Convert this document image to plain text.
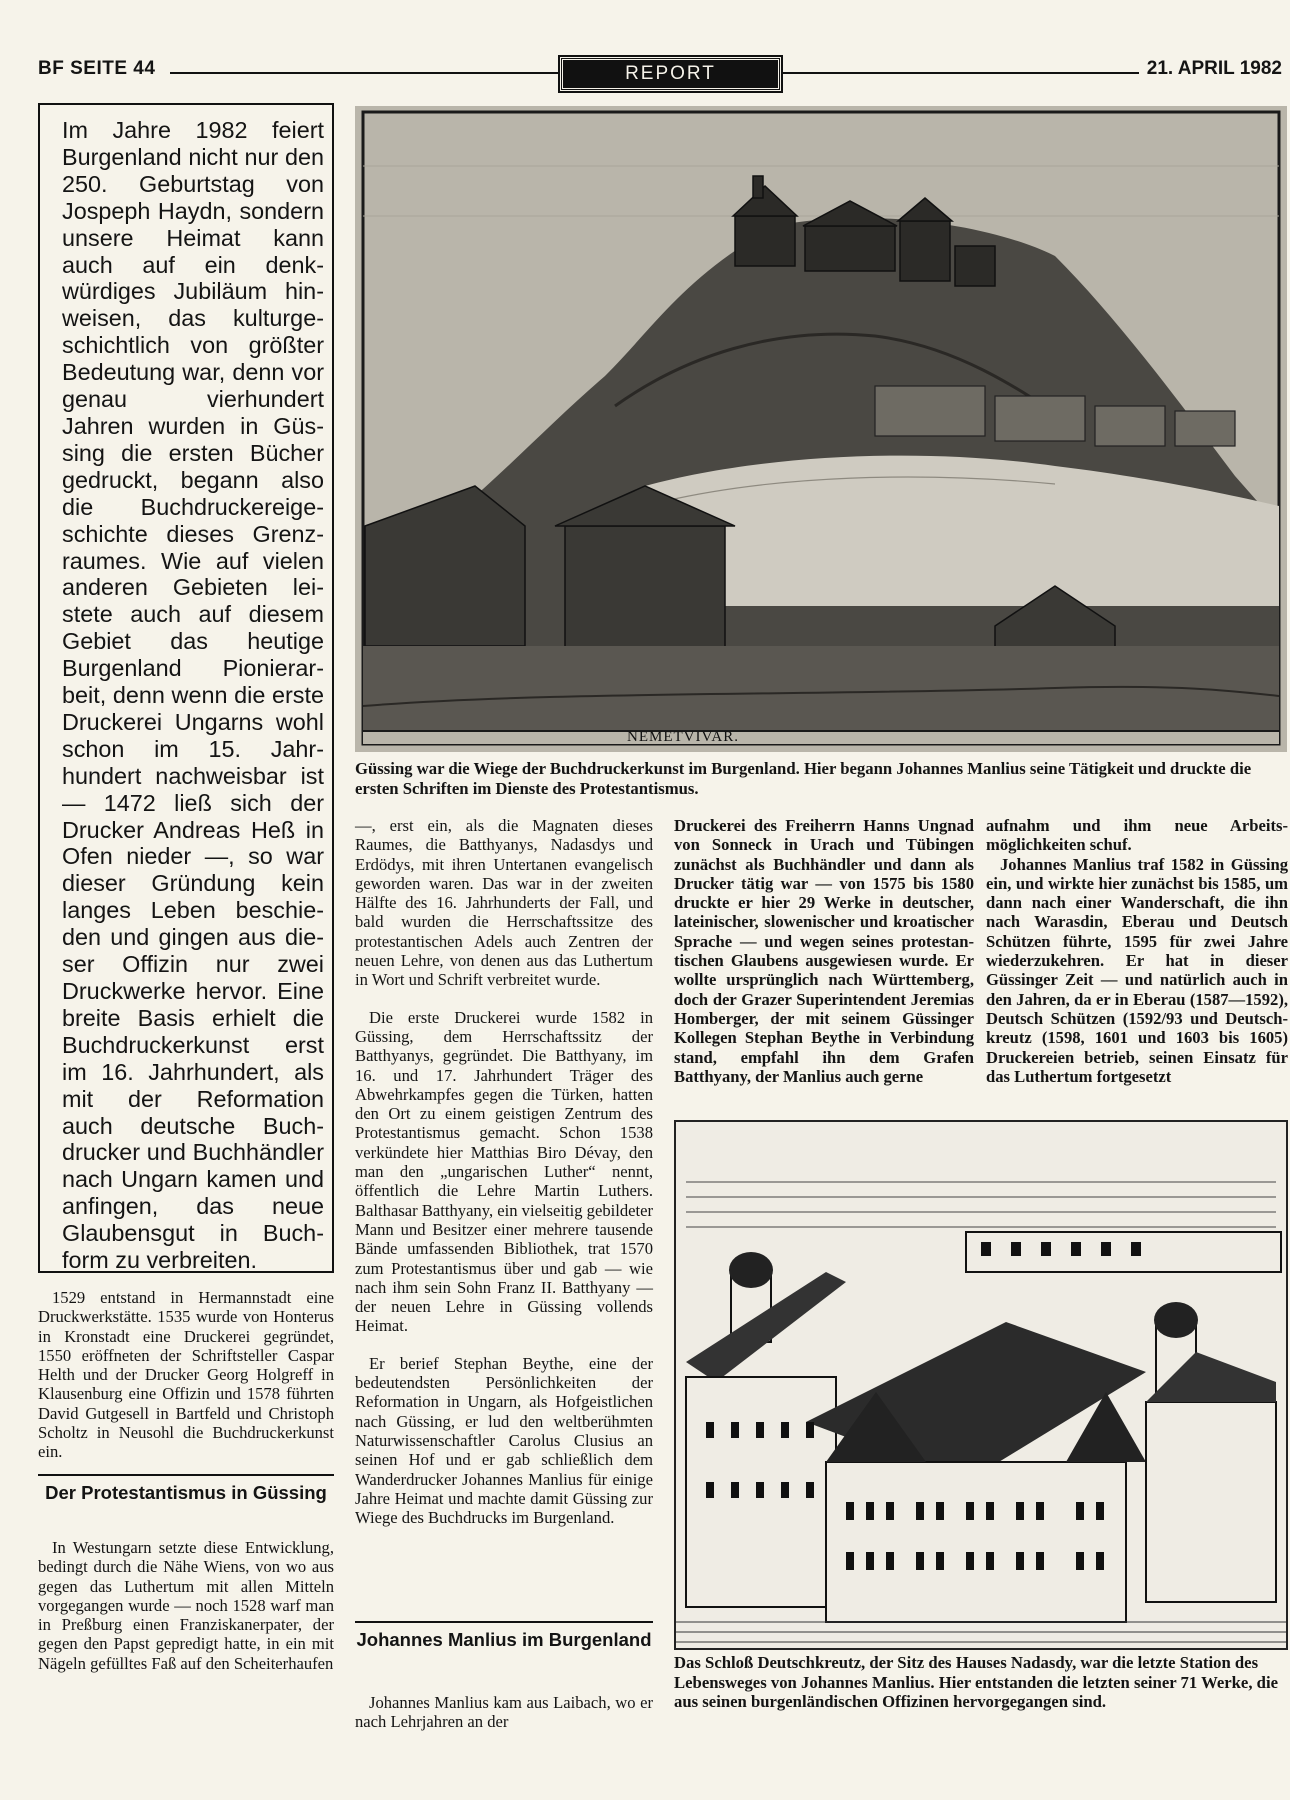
BF SEITE 44	REPORT	21. APRIL 1982
Im Jahre 1982 feiert Burgenland nicht nur den 250. Geburtstag von Jospeph Haydn, sondern unsere Heimat kann auch auf ein denkwürdiges Jubiläum hinweisen, das kulturgeschichtlich von größter Bedeutung war, denn vor genau vierhundert Jahren wurden in Güssing die ersten Bücher gedruckt, begann also die Buchdruckereigeschichte dieses Grenzraumes. Wie auf vielen anderen Gebieten leistete auch auf diesem Gebiet das heutige Burgenland Pionierarbeit, denn wenn die erste Druckerei Ungarns wohl schon im 15. Jahrhundert nachweisbar ist — 1472 ließ sich der Drucker Andreas Heß in Ofen nieder —, so war dieser Gründung kein langes Leben beschieden und gingen aus dieser Offizin nur zwei Druckwerke hervor. Eine breite Basis erhielt die Buchdruckerkunst erst im 16. Jahrhundert, als mit der Reformation auch deutsche Buchdrucker und Buchhändler nach Ungarn kamen und anfingen, das neue Glaubensgut in Buchform zu verbreiten.

1529 entstand in Hermannstadt eine Druckwerkstätte. 1535 wurde von Honterus in Kronstadt eine Druckerei gegründet, 1550 eröffneten der Schriftsteller Caspar Helth und der Drucker Georg Holgreff in Klausenburg eine Offizin und 1578 führten David Gutgesell in Bartfeld und Christoph Scholtz in Neusohl die Buchdruckerkunst ein.

Der Protestantismus in Güssing

In Westungarn setzte diese Entwicklung, bedingt durch die Nähe Wiens, von wo aus gegen das Luthertum mit allen Mitteln vorgegangen wurde — noch 1528 warf man in Preßburg einen Franziskanerpater, der gegen den Papst gepredigt hatte, in ein mit Nägeln gefülltes Faß auf den Scheiterhaufen

NEMETVIVAR.
Güssing war die Wiege der Buchdruckerkunst im Burgenland. Hier begann Johannes Manlius seine Tätigkeit und druckte die ersten Schriften im Dienste des Protestantismus.

—, erst ein, als die Magnaten dieses Raumes, die Batthyanys, Nadasdys und Erdödys, mit ihren Untertanen evangelisch geworden waren. Das war in der zweiten Hälfte des 16. Jahrhunderts der Fall, und bald wurden die Herrschaftssitze des protestantischen Adels auch Zentren der neuen Lehre, von denen aus das Luthertum in Wort und Schrift verbreitet wurde.

Die erste Druckerei wurde 1582 in Güssing, dem Herrschaftssitz der Batthyanys, gegründet. Die Batthyany, im 16. und 17. Jahrhundert Träger des Abwehrkampfes gegen die Türken, hatten den Ort zu einem geistigen Zentrum des Protestantismus gemacht. Schon 1538 verkündete hier Matthias Biro Dévay, den man den „ungarischen Luther“ nennt, öffentlich die Lehre Martin Luthers. Balthasar Batthyany, ein vielseitig gebildeter Mann und Besitzer einer mehrere tausende Bände umfassenden Bibliothek, trat 1570 zum Protestantismus über und gab — wie nach ihm sein Sohn Franz II. Batthyany — der neuen Lehre in Güssing vollends Heimat.

Er berief Stephan Beythe, eine der bedeutendsten Persönlichkeiten der Reformation in Ungarn, als Hofgeistlichen nach Güssing, er lud den weltberühmten Naturwissenschaftler Carolus Clusius an seinen Hof und er gab schließlich dem Wanderdrucker Johannes Manlius für einige Jahre Heimat und machte damit Güssing zur Wiege des Buchdrucks im Burgenland.

Johannes Manlius im Burgenland

Johannes Manlius kam aus Laibach, wo er nach Lehrjahren an der

Druckerei des Freiherrn Hanns Ungnad von Sonneck in Urach und Tübingen zunächst als Buchhändler und dann als Drucker tätig war — von 1575 bis 1580 druckte er hier 29 Werke in deutscher, lateinischer, slowenischer und kroatischer Sprache — und wegen seines protestantischen Glaubens ausgewiesen wurde. Er wollte ursprünglich nach Württemberg, doch der Grazer Superintendent Jeremias Homberger, der mit seinem Güssinger Kollegen Stephan Beythe in Verbindung stand, empfahl ihn dem Grafen Batthyany, der Manlius auch gerne

aufnahm und ihm neue Arbeitsmöglichkeiten schuf.

Johannes Manlius traf 1582 in Güssing ein, und wirkte hier zunächst bis 1585, um dann nach einer Wanderschaft, die ihn nach Warasdin, Eberau und Deutsch Schützen führte, 1595 für zwei Jahre wiederzukehren. Er hat in dieser Güssinger Zeit — und natürlich auch in den Jahren, da er in Eberau (1587—1592), Deutsch Schützen (1592/93 und Deutschkreutz (1598, 1601 und 1603 bis 1605) Druckereien betrieb, seinen Einsatz für das Luthertum fortgesetzt

Das Schloß Deutschkreutz, der Sitz des Hauses Nadasdy, war die letzte Station des Lebensweges von Johannes Manlius. Hier entstanden die letzten seiner 71 Werke, die aus seinen burgenländischen Offizinen hervorgegangen sind.
